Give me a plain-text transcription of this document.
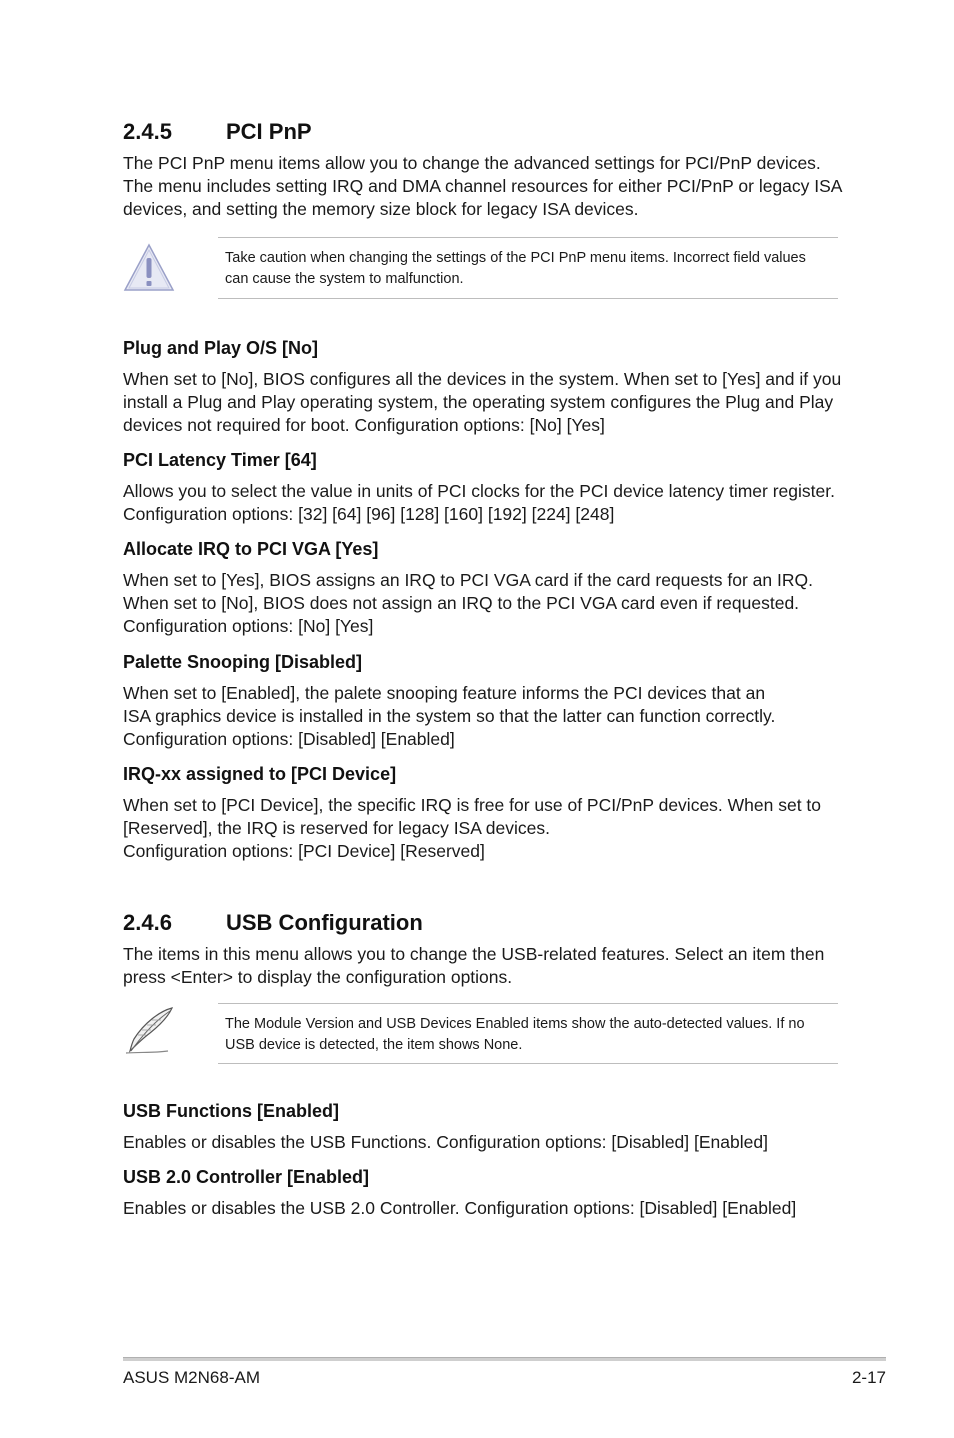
2.4.5 PCI PnP
The PCI PnP menu items allow you to change the advanced settings for PCI/PnP devices.
The menu includes setting IRQ and DMA channel resources for either PCI/PnP or legacy ISA
devices, and setting the memory size block for legacy ISA devices.
Take caution when changing the settings of the PCI PnP menu items. Incorrect field values
can cause the system to malfunction.
Plug and Play O/S [No]
When set to [No], BIOS configures all the devices in the system. When set to [Yes] and if you
install a Plug and Play operating system, the operating system configures the Plug and Play
devices not required for boot. Configuration options: [No] [Yes]
PCI Latency Timer [64]
Allows you to select the value in units of PCI clocks for the PCI device latency timer register.
Configuration options: [32] [64] [96] [128] [160] [192] [224] [248]
Allocate IRQ to PCI VGA [Yes]
When set to [Yes], BIOS assigns an IRQ to PCI VGA card if the card requests for an IRQ.
When set to [No], BIOS does not assign an IRQ to the PCI VGA card even if requested.
Configuration options: [No] [Yes]
Palette Snooping [Disabled]
When set to [Enabled], the palete snooping feature informs the PCI devices that an
ISA graphics device is installed in the system so that the latter can function correctly.
Configuration options: [Disabled] [Enabled]
IRQ-xx assigned to [PCI Device]
When set to [PCI Device], the specific IRQ is free for use of PCI/PnP devices. When set to
[Reserved], the IRQ is reserved for legacy ISA devices.
Configuration options: [PCI Device] [Reserved]
2.4.6 USB Configuration
The items in this menu allows you to change the USB-related features. Select an item then
press <Enter> to display the configuration options.
The Module Version and USB Devices Enabled items show the auto-detected values. If no
USB device is detected, the item shows None.
USB Functions [Enabled]
Enables or disables the USB Functions. Configuration options: [Disabled] [Enabled]
USB 2.0 Controller [Enabled]
Enables or disables the USB 2.0 Controller. Configuration options: [Disabled] [Enabled]
ASUS M2N68-AM	2-17
